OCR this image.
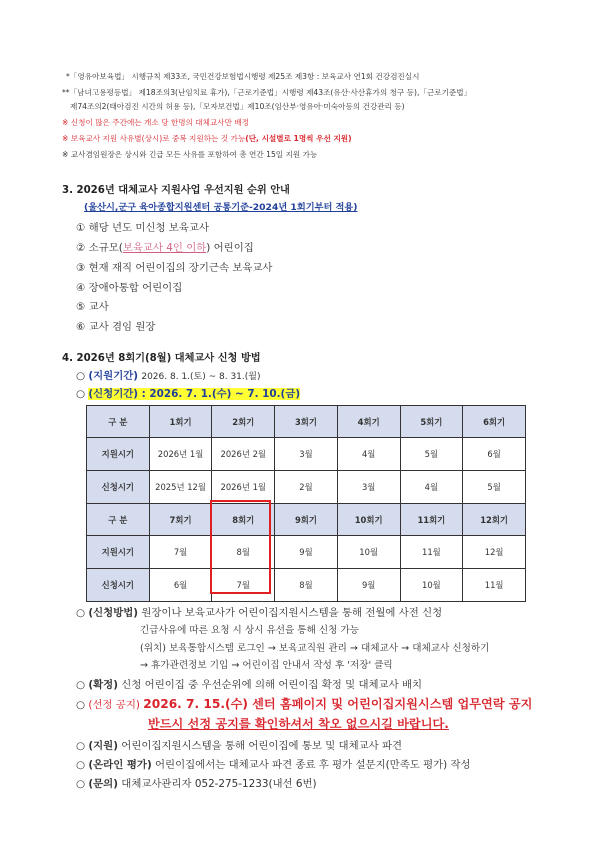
*「영유아보육법」 시행규칙 제33조, 국민건강보험법시행령 제25조 제3항 : 보육교사 연1회 건강검진실시
**「남녀고용평등법」 제18조의3(난임치료 휴가),「근로기준법」시행령 제43조(유산·사산휴가의 청구 등),「근로기준법」
제74조의2(태아검진 시간의 허용 등),「모자보건법」제10조(임산부·영유아·미숙아등의 건강관리 등)
※ 신청이 많은 주간에는 개소 당 한명의 대체교사만 배정
※ 보육교사 지원 사유별(상시)로 중복 지원하는 것 가능(단, 시설별로 1명씩 우선 지원)
※ 교사겸임원장은 상시와 긴급 모든 사유를 포함하여 총 연간 15일 지원 가능
3. 2026년 대체교사 지원사업 우선지원 순위 안내
(울산시,군구 육아종합지원센터 공통기준-2024년 1회기부터 적용)
① 해당 년도 미신청 보육교사
② 소규모(보육교사 4인 이하) 어린이집
③ 현재 재직 어린이집의 장기근속 보육교사
④ 장애아통합 어린이집
⑤ 교사
⑥ 교사 겸임 원장
4. 2026년 8회기(8월) 대체교사 신청 방법
○ (지원기간) 2026. 8. 1.(토) ~ 8. 31.(월)
○ (신청기간) : 2026. 7. 1.(수) ~ 7. 10.(금)
구 분	1회기	2회기	3회기	4회기	5회기	6회기
지원시기	2026년 1월	2026년 2월	3월	4월	5월	6월
신청시기	2025년 12월	2026년 1월	2월	3월	4월	5월
구 분	7회기	8회기	9회기	10회기	11회기	12회기
지원시기	7월	8월	9월	10월	11월	12월
신청시기	6월	7월	8월	9월	10월	11월
○ (신청방법) 원장이나 보육교사가 어린이집지원시스템을 통해 전월에 사전 신청
긴급사유에 따른 요청 시 상시 유선을 통해 신청 가능
(위치) 보육통합시스템 로그인 → 보육교직원 관리 → 대체교사 → 대체교사 신청하기
→ 휴가관련정보 기입 → 어린이집 안내서 작성 후 '저장' 클릭
○ (확정) 신청 어린이집 중 우선순위에 의해 어린이집 확정 및 대체교사 배치
○ (선정 공지) 2026. 7. 15.(수) 센터 홈페이지 및 어린이집지원시스템 업무연락 공지
반드시 선정 공지를 확인하셔서 착오 없으시길 바랍니다.
○ (지원) 어린이집지원시스템을 통해 어린이집에 통보 및 대체교사 파견
○ (온라인 평가) 어린이집에서는 대체교사 파견 종료 후 평가 설문지(만족도 평가) 작성
○ (문의) 대체교사관리자 052-275-1233(내선 6번)
